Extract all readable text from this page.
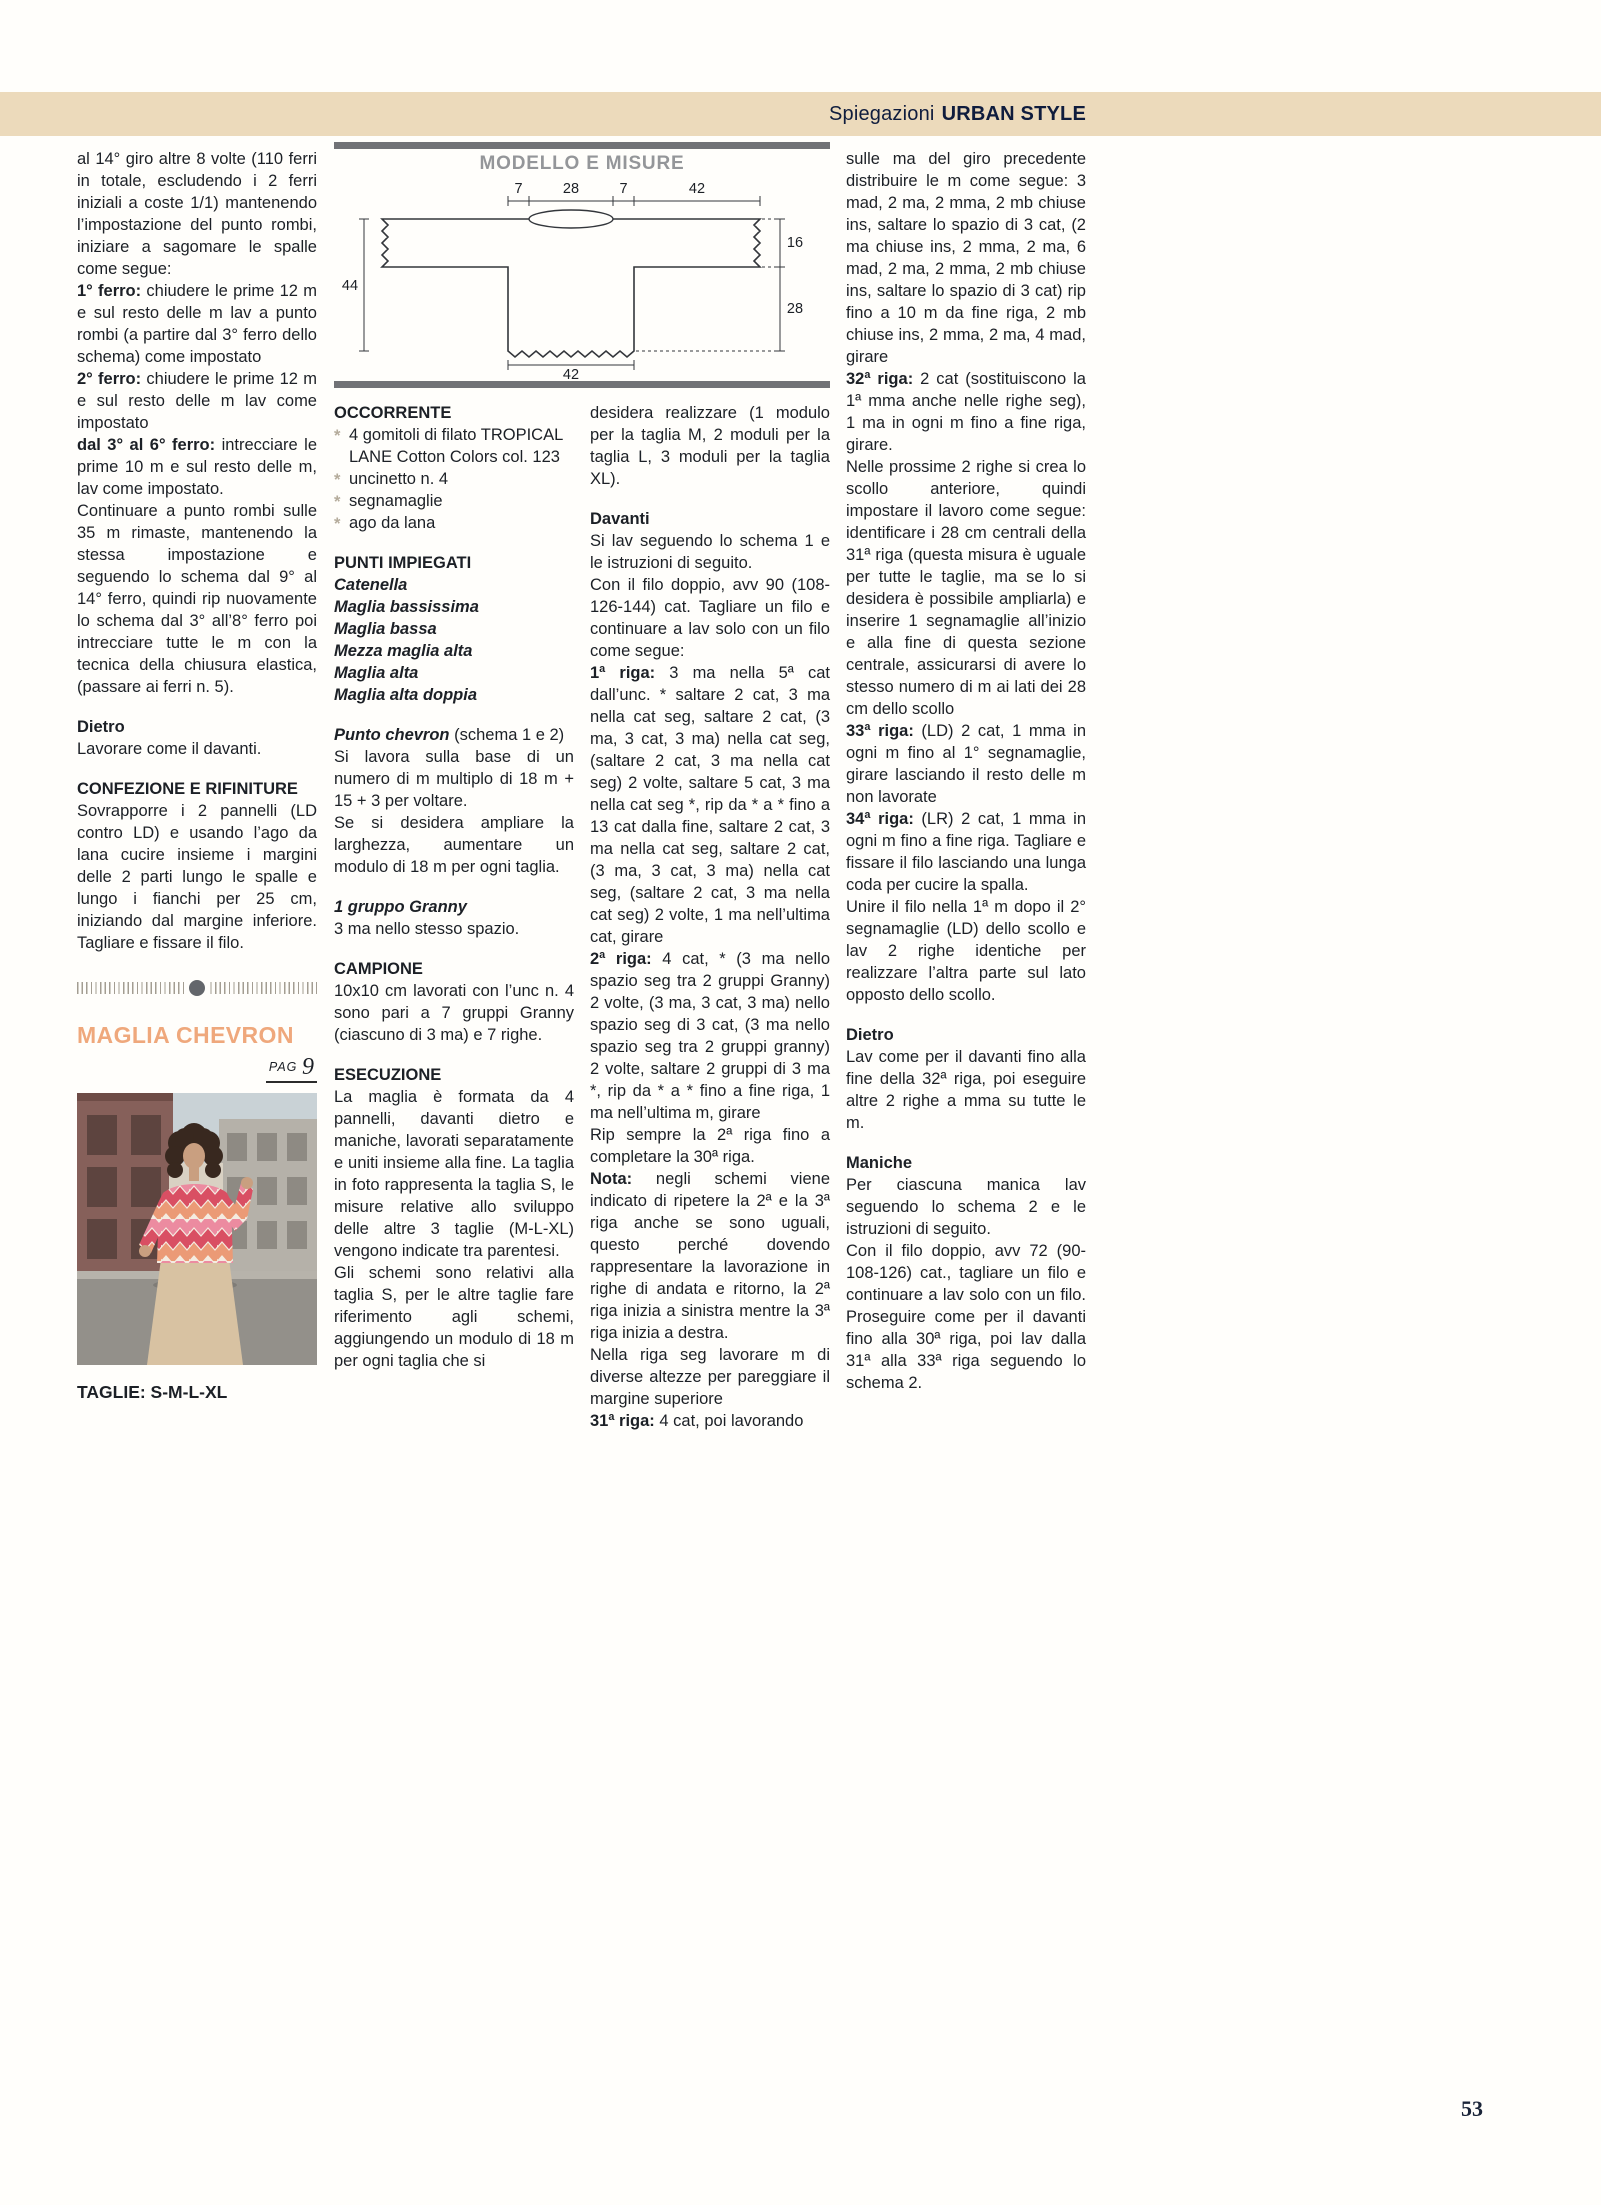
Spiegazioni URBAN STYLE
MODELLO E MISURE
7	28	7	42
44
16
28
42

al 14° giro altre 8 volte (110 ferri in totale, escludendo i 2 ferri iniziali a coste 1/1) mantenendo l’impostazione del punto rombi, iniziare a sagomare le spalle come segue:

1° ferro: chiudere le prime 12 m e sul resto delle m lav a punto rombi (a partire dal 3° ferro dello schema) come impostato

2° ferro: chiudere le prime 12 m e sul resto delle m lav come impostato

dal 3° al 6° ferro: intrecciare le prime 10 m e sul resto delle m, lav come impostato.

Continuare a punto rombi sulle 35 m rimaste, mantenendo la stessa impostazione e seguendo lo schema dal 9° al 14° ferro, quindi rip nuovamente lo schema dal 3° all’8° ferro poi intrecciare tutte le m con la tecnica della chiusura elastica, (passare ai ferri n. 5).

Dietro

Lavorare come il davanti.

CONFEZIONE E RIFINITURE

Sovrapporre i 2 pannelli (LD contro LD) e usando l’ago da lana cucire insieme i margini delle 2 parti lungo le spalle e lungo i fianchi per 25 cm, iniziando dal margine inferiore. Tagliare e fissare il filo.

MAGLIA CHEVRON
PAG 9
TAGLIE: S-M-L-XL
OCCORRENTE
* 4 gomitoli di filato TROPICAL LANE Cotton Colors col. 123
* uncinetto n. 4
* segnamaglie
* ago da lana
PUNTI IMPIEGATI

Catenella

Maglia bassissima

Maglia bassa

Mezza maglia alta

Maglia alta

Maglia alta doppia

Punto chevron (schema 1 e 2)

Si lavora sulla base di un numero di m multiplo di 18 m + 15 + 3 per voltare.

Se si desidera ampliare la larghezza, aumentare un modulo di 18 m per ogni taglia.

1 gruppo Granny

3 ma nello stesso spazio.

CAMPIONE

10x10 cm lavorati con l’unc n. 4 sono pari a 7 gruppi Granny (ciascuno di 3 ma) e 7 righe.

ESECUZIONE

La maglia è formata da 4 pannelli, davanti dietro e maniche, lavorati separatamente e uniti insieme alla fine. La taglia in foto rappresenta la taglia S, le misure relative allo sviluppo delle altre 3 taglie (M-L-XL) vengono indicate tra parentesi.

Gli schemi sono relativi alla taglia S, per le altre taglie fare riferimento agli schemi, aggiungendo un modulo di 18 m per ogni taglia che si

desidera realizzare (1 modulo per la taglia M, 2 moduli per la taglia L, 3 moduli per la taglia XL).

Davanti

Si lav seguendo lo schema 1 e le istruzioni di seguito.

Con il filo doppio, avv 90 (108-126-144) cat. Tagliare un filo e continuare a lav solo con un filo come segue:

1ª riga: 3 ma nella 5ª cat dall’unc. * saltare 2 cat, 3 ma nella cat seg, saltare 2 cat, (3 ma, 3 cat, 3 ma) nella cat seg, (saltare 2 cat, 3 ma nella cat seg) 2 volte, saltare 5 cat, 3 ma nella cat seg *, rip da * a * fino a 13 cat dalla fine, saltare 2 cat, 3 ma nella cat seg, saltare 2 cat, (3 ma, 3 cat, 3 ma) nella cat seg, (saltare 2 cat, 3 ma nella cat seg) 2 volte, 1 ma nell’ultima cat, girare

2ª riga: 4 cat, * (3 ma nello spazio seg tra 2 gruppi Granny) 2 volte, (3 ma, 3 cat, 3 ma) nello spazio seg di 3 cat, (3 ma nello spazio seg tra 2 gruppi granny) 2 volte, saltare 2 gruppi di 3 ma *, rip da * a * fino a fine riga, 1 ma nell’ultima m, girare

Rip sempre la 2ª riga fino a completare la 30ª riga.

Nota: negli schemi viene indicato di ripetere la 2ª e la 3ª riga anche se sono uguali, questo perché dovendo rappresentare la lavorazione in righe di andata e ritorno, la 2ª riga inizia a sinistra mentre la 3ª riga inizia a destra.

Nella riga seg lavorare m di diverse altezze per pareggiare il margine superiore

31ª riga: 4 cat, poi lavorando

sulle ma del giro precedente distribuire le m come segue: 3 mad, 2 ma, 2 mma, 2 mb chiuse ins, saltare lo spazio di 3 cat, (2 ma chiuse ins, 2 mma, 2 ma, 6 mad, 2 ma, 2 mma, 2 mb chiuse ins, saltare lo spazio di 3 cat) rip fino a 10 m da fine riga, 2 mb chiuse ins, 2 mma, 2 ma, 4 mad, girare

32ª riga: 2 cat (sostituiscono la 1ª mma anche nelle righe seg), 1 ma in ogni m fino a fine riga, girare.

Nelle prossime 2 righe si crea lo scollo anteriore, quindi impostare il lavoro come segue: identificare i 28 cm centrali della 31ª riga (questa misura è uguale per tutte le taglie, ma se lo si desidera è possibile ampliarla) e inserire 1 segnamaglie all’inizio e alla fine di questa sezione centrale, assicurarsi di avere lo stesso numero di m ai lati dei 28 cm dello scollo

33ª riga: (LD) 2 cat, 1 mma in ogni m fino al 1° segnamaglie, girare lasciando il resto delle m non lavorate

34ª riga: (LR) 2 cat, 1 mma in ogni m fino a fine riga. Tagliare e fissare il filo lasciando una lunga coda per cucire la spalla.

Unire il filo nella 1ª m dopo il 2° segnamaglie (LD) dello scollo e lav 2 righe identiche per realizzare l’altra parte sul lato opposto dello scollo.

Dietro

Lav come per il davanti fino alla fine della 32ª riga, poi eseguire altre 2 righe a mma su tutte le m.

Maniche

Per ciascuna manica lav seguendo lo schema 2 e le istruzioni di seguito.

Con il filo doppio, avv 72 (90-108-126) cat., tagliare un filo e continuare a lav solo con un filo. Proseguire come per il davanti fino alla 30ª riga, poi lav dalla 31ª alla 33ª riga seguendo lo schema 2.

53
